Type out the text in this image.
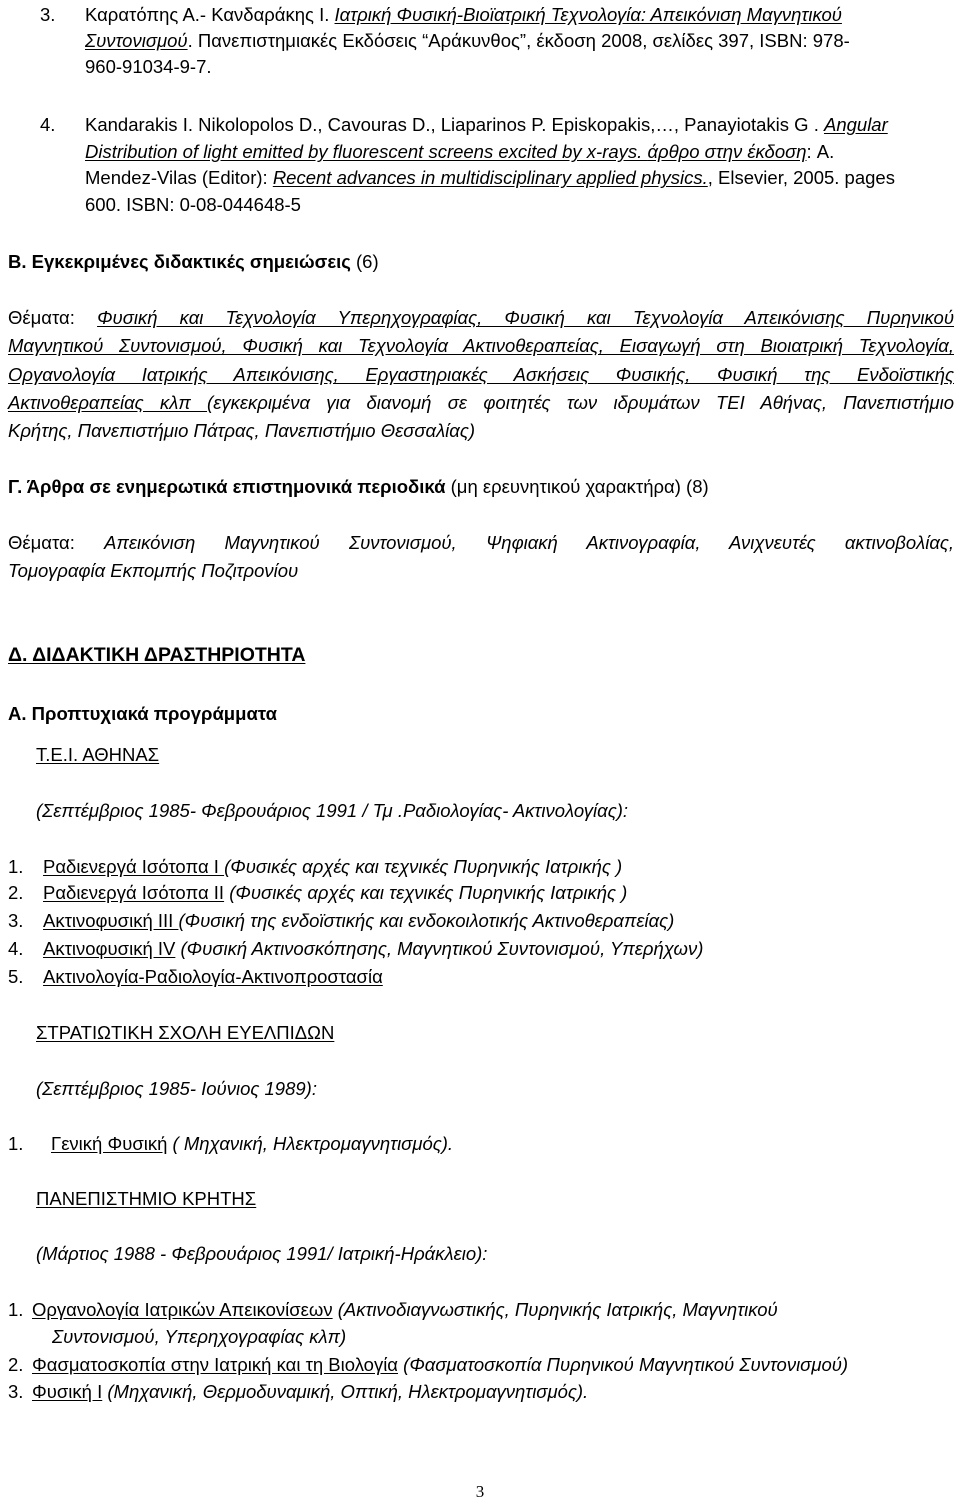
3. Καρατόπης Α.- Κανδαράκης Ι. Ιατρική Φυσική-Βιοϊατρική Τεχνολογία: Απεικόνιση Μαγνητικού
Συντονισμού. Πανεπιστημιακές Εκδόσεις “Αράκυνθος”, έκδοση 2008, σελίδες 397, ISBN: 978-
960-91034-9-7.
4. Kandarakis I. Nikolopolos D., Cavouras D., Liaparinos P. Episkopakis,…, Panayiotakis G . Angular
Distribution of light emitted by fluorescent screens excited by x-rays. άρθρο στην έκδοση: A.
Mendez-Vilas (Editor): Recent advances in multidisciplinary applied physics., Elsevier, 2005. pages
600. ISBN: 0-08-044648-5
Β. Εγκεκριμένες διδακτικές σημειώσεις (6)
Θέματα: Φυσική και Τεχνολογία Υπερηχογραφίας, Φυσική και Τεχνολογία Απεικόνισης Πυρηνικού
Μαγνητικού Συντονισμού, Φυσική και Τεχνολογία Ακτινοθεραπείας, Εισαγωγή στη Βιοιατρική Τεχνολογία,
Οργανολογία Ιατρικής Απεικόνισης, Εργαστηριακές Ασκήσεις Φυσικής, Φυσική της Ενδοϊστικής
Ακτινοθεραπείας κλπ (εγκεκριμένα για διανομή σε φοιτητές των ιδρυμάτων ΤΕΙ Αθήνας, Πανεπιστήμιο
Κρήτης, Πανεπιστήμιο Πάτρας, Πανεπιστήμιο Θεσσαλίας)
Γ. Άρθρα σε ενημερωτικά επιστημονικά περιοδικά (μη ερευνητικού χαρακτήρα) (8)
Θέματα: Απεικόνιση Μαγνητικού Συντονισμού, Ψηφιακή Ακτινογραφία, Ανιχνευτές ακτινοβολίας,
Τομογραφία Εκπομπής Ποζιτρονίου
Δ. ΔΙΔΑΚΤΙΚΗ ΔΡΑΣΤΗΡΙΟΤΗΤΑ
Α. Προπτυχιακά προγράμματα
Τ.Ε.Ι. ΑΘΗΝΑΣ
(Σεπτέμβριος 1985- Φεβρουάριος 1991 / Τμ .Ραδιολογίας- Ακτινολογίας):
1. Ραδιενεργά Ισότοπα Ι (Φυσικές αρχές και τεχνικές Πυρηνικής Ιατρικής )
2. Ραδιενεργά Ισότοπα ΙΙ (Φυσικές αρχές και τεχνικές Πυρηνικής Ιατρικής )
3. Ακτινοφυσική ΙΙΙ (Φυσική της ενδοϊστικής και ενδοκοιλοτικής Ακτινοθεραπείας)
4. Ακτινοφυσική ΙV (Φυσική Ακτινοσκόπησης, Μαγνητικού Συντονισμού, Υπερήχων)
5. Ακτινολογία-Ραδιολογία-Ακτινοπροστασία
ΣΤΡΑΤΙΩΤΙΚΗ ΣΧΟΛΗ ΕΥΕΛΠΙΔΩΝ
(Σεπτέμβριος 1985- Ιούνιος 1989):
1. Γενική Φυσική ( Μηχανική, Ηλεκτρομαγνητισμός).
ΠΑΝΕΠΙΣΤΗΜΙΟ ΚΡΗΤΗΣ
(Μάρτιος 1988 - Φεβρουάριος 1991/ Ιατρική-Ηράκλειο):
1. Οργανολογία Ιατρικών Απεικονίσεων (Ακτινοδιαγνωστικής, Πυρηνικής Ιατρικής, Μαγνητικού
Συντονισμού, Υπερηχογραφίας κλπ)
2. Φασματοσκοπία στην Ιατρική και τη Βιολογία (Φασματοσκοπία Πυρηνικού Μαγνητικού Συντονισμού)
3. Φυσική Ι (Μηχανική, Θερμοδυναμική, Οπτική, Ηλεκτρομαγνητισμός).
3
